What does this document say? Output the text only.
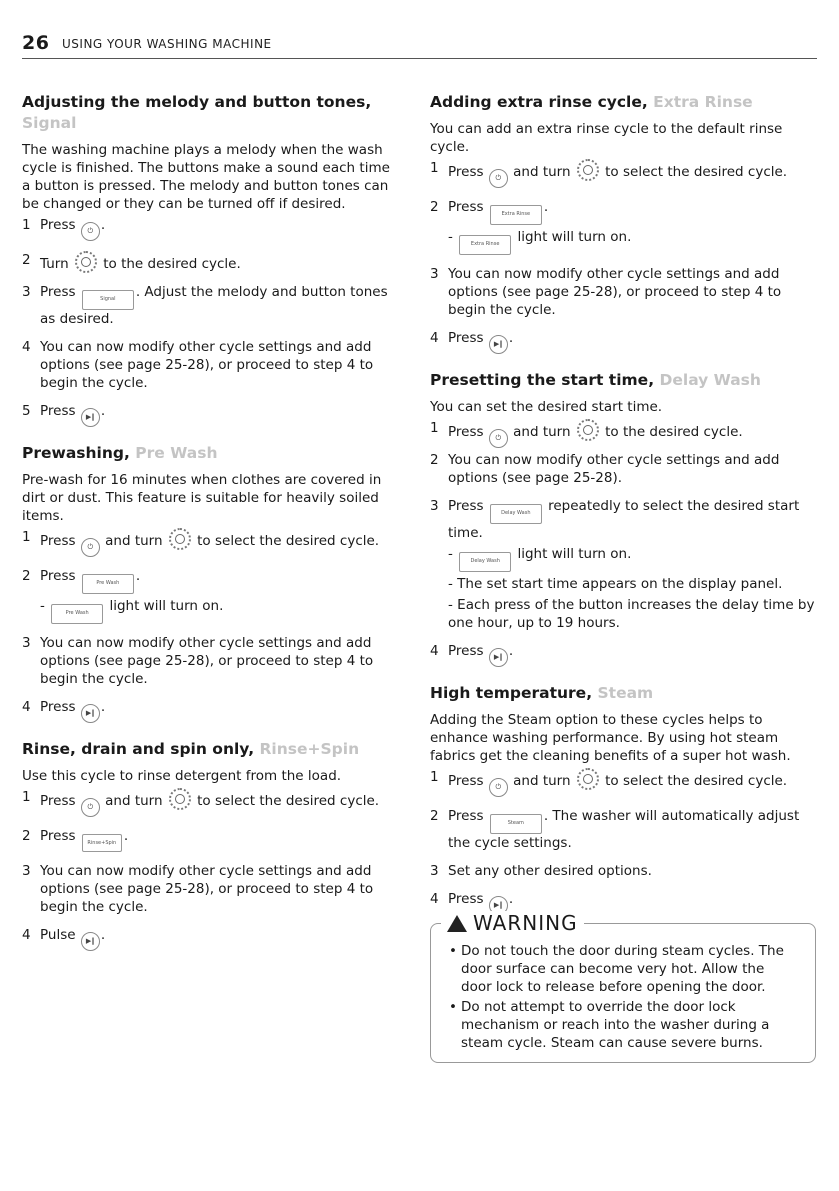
26 USING YOUR WASHING MACHINE
Adjusting the melody and button tones,
Signal

The washing machine plays a melody when the wash cycle is finished. The buttons make a sound each time a button is pressed. The melody and button tones can be changed or they can be turned off if desired.

1 Press ⏻ .
2 Turn	to the desired cycle.
3 Press	Signal . Adjust the melody and button tones as desired.
4 You can now modify other cycle settings and add options (see page 25-28), or proceed to step 4 to begin the cycle.
5 Press ▶‖ .
Prewashing, Pre Wash

Pre-wash for 16 minutes when clothes are covered in dirt or dust. This feature is suitable for heavily soiled items.

1 Press ⏻ and turn	to select the desired cycle.
2 Press	Pre Wash .
-	Pre Wash light will turn on.
3 You can now modify other cycle settings and add options (see page 25-28), or proceed to step 4 to begin the cycle.
4 Press ▶‖ .
Rinse, drain and spin only, Rinse+Spin

Use this cycle to rinse detergent from the load.

1 Press ⏻ and turn	to select the desired cycle.
2 Press Rinse+Spin .
3 You can now modify other cycle settings and add options (see page 25-28), or proceed to step 4 to begin the cycle.
4 Pulse ▶‖ .
Adding extra rinse cycle, Extra Rinse

You can add an extra rinse cycle to the default rinse cycle.

1 Press ⏻ and turn	to select the desired cycle.
2 Press	Extra Rinse .
-	Extra Rinse light will turn on.
3 You can now modify other cycle settings and add options (see page 25-28), or proceed to step 4 to begin the cycle.
4 Press ▶‖ .
Presetting the start time, Delay Wash

You can set the desired start time.

1 Press ⏻ and turn	to the desired cycle.
2 You can now modify other cycle settings and add options (see page 25-28).
3 Press	Delay Wash repeatedly to select the desired start time.
-	Delay Wash light will turn on.
- The set start time appears on the display panel.
- Each press of the button increases the delay time by one hour, up to 19 hours.
4 Press ▶‖ .
High temperature, Steam

Adding the Steam option to these cycles helps to enhance washing performance. By using hot steam fabrics get the cleaning benefits of a super hot wash.

1 Press ⏻ and turn	to select the desired cycle.
2 Press	Steam . The washer will automatically adjust the cycle settings.
3 Set any other desired options.
4 Press ▶‖ .
WARNING
• Do not touch the door during steam cycles. The door surface can become very hot. Allow the door lock to release before opening the door.
• Do not attempt to override the door lock mechanism or reach into the washer during a steam cycle. Steam can cause severe burns.
